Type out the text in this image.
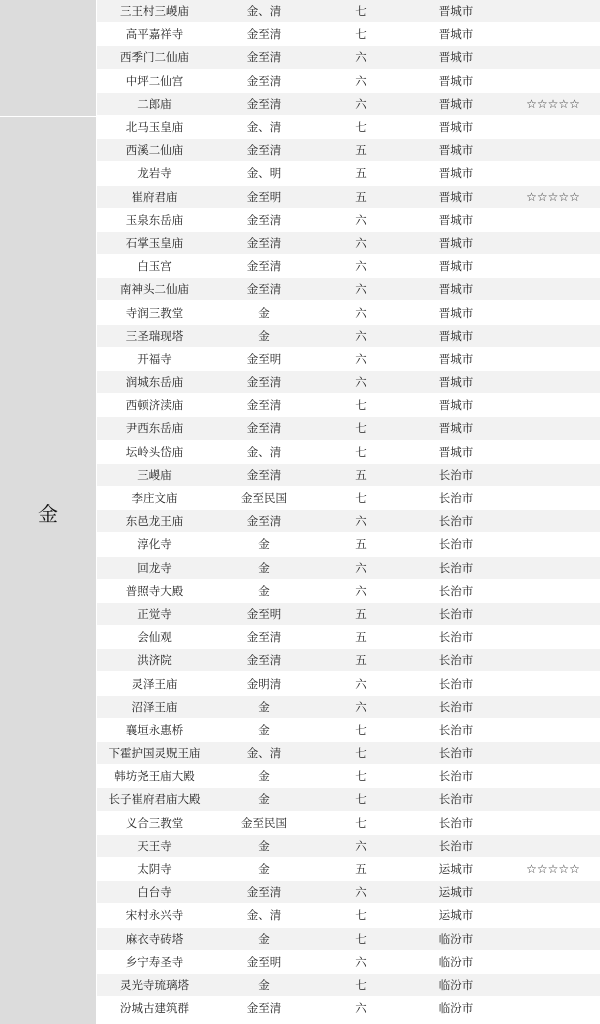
金
三王村三嵕庙	金、清	七	晋城市
高平嘉祥寺	金至清	七	晋城市
西季门二仙庙	金至清	六	晋城市
中坪二仙宫	金至清	六	晋城市
二郎庙	金至清	六	晋城市	☆☆☆☆☆
北马玉皇庙	金、清	七	晋城市
西溪二仙庙	金至清	五	晋城市
龙岩寺	金、明	五	晋城市
崔府君庙	金至明	五	晋城市	☆☆☆☆☆
玉泉东岳庙	金至清	六	晋城市
石掌玉皇庙	金至清	六	晋城市
白玉宫	金至清	六	晋城市
南神头二仙庙	金至清	六	晋城市
寺润三教堂	金	六	晋城市
三圣瑞现塔	金	六	晋城市
开福寺	金至明	六	晋城市
润城东岳庙	金至清	六	晋城市
西顿济渎庙	金至清	七	晋城市
尹西东岳庙	金至清	七	晋城市
坛岭头岱庙	金、清	七	晋城市
三嵕庙	金至清	五	长治市
李庄文庙	金至民国	七	长治市
东邑龙王庙	金至清	六	长治市
淳化寺	金	五	长治市
回龙寺	金	六	长治市
普照寺大殿	金	六	长治市
正觉寺	金至明	五	长治市
会仙观	金至清	五	长治市
洪济院	金至清	五	长治市
灵泽王庙	金明清	六	长治市
沼泽王庙	金	六	长治市
襄垣永惠桥	金	七	长治市
下霍护国灵贶王庙	金、清	七	长治市
韩坊尧王庙大殿	金	七	长治市
长子崔府君庙大殿	金	七	长治市
义合三教堂	金至民国	七	长治市
天王寺	金	六	长治市
太阴寺	金	五	运城市	☆☆☆☆☆
白台寺	金至清	六	运城市
宋村永兴寺	金、清	七	运城市
麻衣寺砖塔	金	七	临汾市
乡宁寿圣寺	金至明	六	临汾市
灵光寺琉璃塔	金	七	临汾市
汾城古建筑群	金至清	六	临汾市
